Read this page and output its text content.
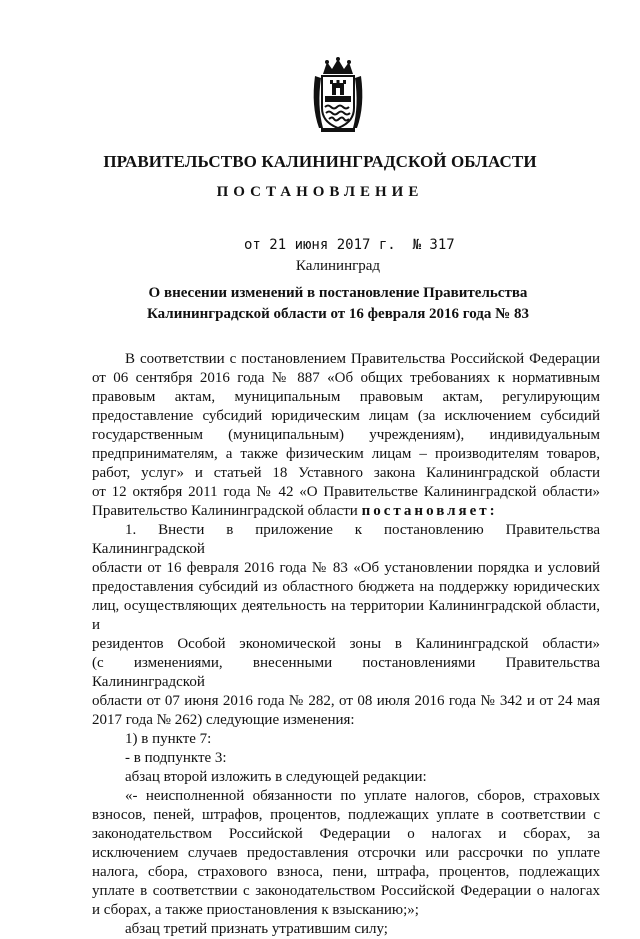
ПРАВИТЕЛЬСТВО КАЛИНИНГРАДСКОЙ ОБЛАСТИ
ПОСТАНОВЛЕНИЕ
от 21 июня 2017 г.  № 317
Калининград
О внесении изменений в постановление Правительства
Калининградской области от 16 февраля 2016 года № 83

В соответствии с постановлением Правительства Российской Федерации

от 06 сентября 2016 года № 887 «Об общих требованиях к нормативным

правовым актам, муниципальным правовым актам, регулирующим

предоставление субсидий юридическим лицам (за исключением субсидий

государственным (муниципальным) учреждениям), индивидуальным

предпринимателям, а также физическим лицам – производителям товаров,

работ, услуг» и статьей 18 Уставного закона Калининградской области

от 12 октября 2011 года № 42 «О Правительстве Калининградской области»

Правительство Калининградской области постановляет:

1. Внести в приложение к постановлению Правительства Калининградской

области от 16 февраля 2016 года № 83 «Об установлении порядка и условий

предоставления субсидий из областного бюджета на поддержку юридических

лиц, осуществляющих деятельность на территории Калининградской области, и

резидентов Особой экономической зоны в Калининградской области»

(с изменениями, внесенными постановлениями Правительства Калининградской

области от 07 июня 2016 года № 282, от 08 июля 2016 года № 342 и от 24 мая

2017 года № 262) следующие изменения:

1) в пункте 7:

- в подпункте 3:

абзац второй изложить в следующей редакции:

«- неисполненной обязанности по уплате налогов, сборов, страховых

взносов, пеней, штрафов, процентов, подлежащих уплате в соответствии с

законодательством Российской Федерации о налогах и сборах, за

исключением случаев предоставления отсрочки или рассрочки по уплате

налога, сбора, страхового взноса, пени, штрафа, процентов, подлежащих

уплате в соответствии с законодательством Российской Федерации о налогах

и сборах, а также приостановления к взысканию;»;

абзац третий признать утратившим силу;
